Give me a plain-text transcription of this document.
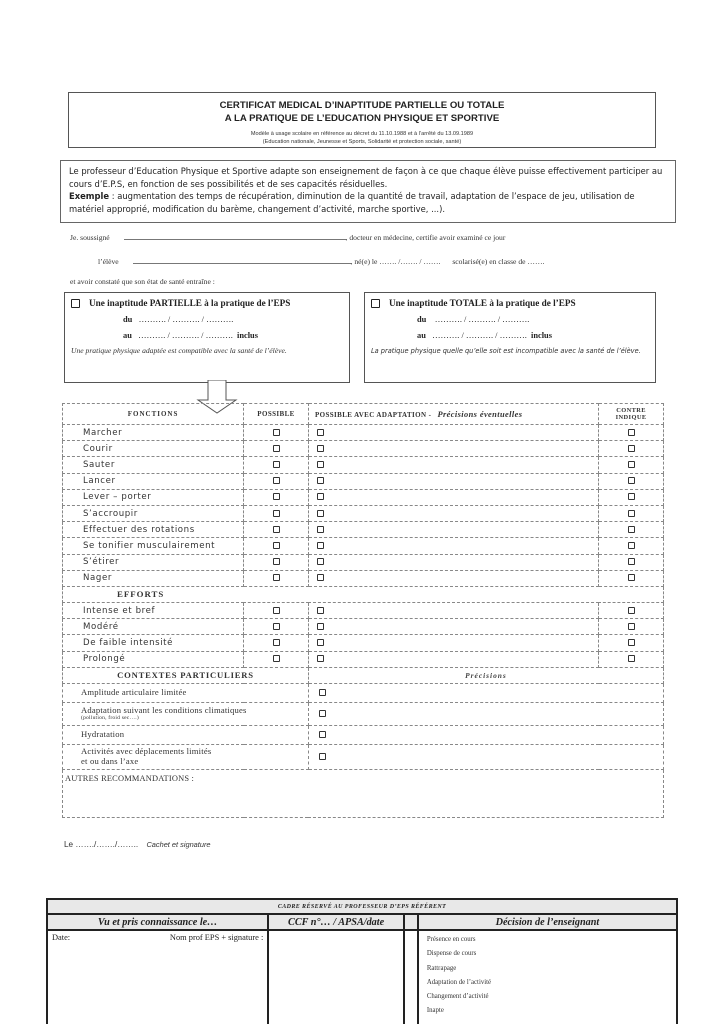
CERTIFICAT MEDICAL D’INAPTITUDE PARTIELLE OU TOTALE
A LA PRATIQUE DE L’EDUCATION PHYSIQUE ET SPORTIVE
Modèle à usage scolaire en référence au décret du 11.10.1988 et à l’arrêté du 13.09.1989
(Education nationale, Jeunesse et Sports, Solidarité et protection sociale, santé)
Le professeur d’Education Physique et Sportive adapte son enseignement de façon à ce que chaque élève puisse effectivement participer au cours d’E.P.S, en fonction de ses possibilités et de ses capacités résiduelles.
Exemple : augmentation des temps de récupération, diminution de la quantité de travail, adaptation de l’espace de jeu, utilisation de matériel approprié, modification du barème, changement d’activité, marche sportive, ...).
Je. soussigné	, docteur en médecine, certifie avoir examiné ce jour
l’élève	, né(e) le ……. /……. / ……. scolarisé(e) en classe de …….
et avoir constaté que son état de santé entraîne :
Une inaptitude PARTIELLE à la pratique de l’EPS
du ………. / ………. / ……….
au ………. / ………. / ………. inclus
Une pratique physique adaptée est compatible avec la santé de l’élève.
Une inaptitude TOTALE à la pratique de l’EPS
du ………. / ………. / ……….
au ………. / ………. / ………. inclus
La pratique physique quelle qu’elle soit est incompatible avec la santé de l’élève.
FONCTIONS	POSSIBLE	POSSIBLE AVEC ADAPTATION - Précisions éventuelles	CONTRE
INDIQUE
Marcher			
Courir			
Sauter			
Lancer			
Lever – porter			
S’accroupir			
Effectuer des rotations			
Se tonifier musculairement			
S’étirer			
Nager			
EFFORTS			
Intense et bref			
Modéré			
De faible intensité			
Prolongé			
CONTEXTES PARTICULIERS		Précisions	
Amplitude articulaire limitée			
Adaptation suivant les conditions climatiques
(pollution, froid sec….)			

Hydratation			
Activités avec déplacements limités
et ou dans l’axe			
AUTRES RECOMMANDATIONS :			
Le ……./……./…….. Cachet et signature
CADRE RÉSERVÉ AU PROFESSEUR D’EPS RÉFÉRENT			
Vu et pris connaissance le…	CCF n°… / APSA/date		Décision de l’enseignant

Date:	Nom prof EPS + signature :			Présence en cours
Dispense de cours
Rattrapage
Adaptation de l’activité
Changement d’activité
Inapte
